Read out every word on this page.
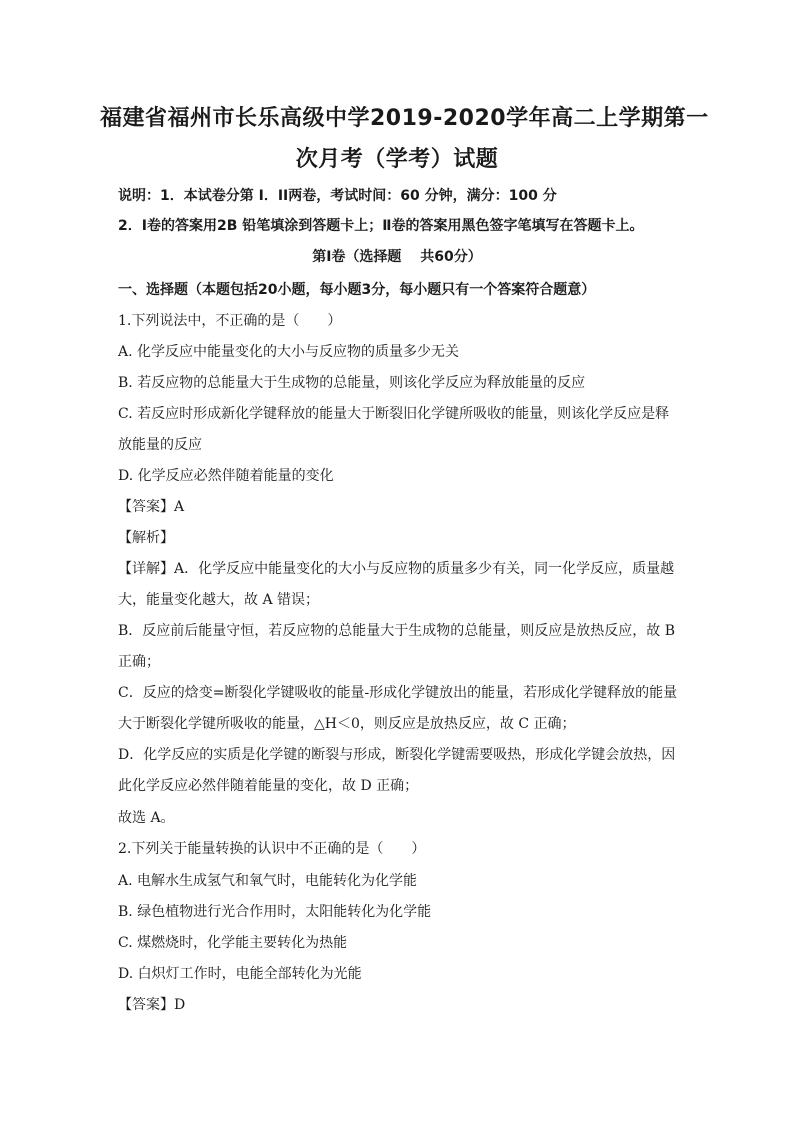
福建省福州市长乐高级中学2019-2020学年高二上学期第一
次月考（学考）试题
说明：1．本试卷分第 I．II两卷，考试时间：60 分钟，满分：100 分
2．Ⅰ卷的答案用2B 铅笔填涂到答题卡上；Ⅱ卷的答案用黑色签字笔填写在答题卡上。
第Ⅰ卷（选择题　 共60分）
一、选择题（本题包括20小题，每小题3分，每小题只有一个答案符合题意）
1.下列说法中，不正确的是（　　）
A. 化学反应中能量变化的大小与反应物的质量多少无关
B. 若反应物的总能量大于生成物的总能量，则该化学反应为释放能量的反应
C. 若反应时形成新化学键释放的能量大于断裂旧化学键所吸收的能量，则该化学反应是释
放能量的反应
D. 化学反应必然伴随着能量的变化
【答案】A
【解析】
【详解】A．化学反应中能量变化的大小与反应物的质量多少有关，同一化学反应，质量越
大，能量变化越大，故 A 错误；
B．反应前后能量守恒，若反应物的总能量大于生成物的总能量，则反应是放热反应，故 B
正确；
C．反应的焓变=断裂化学键吸收的能量-形成化学键放出的能量，若形成化学键释放的能量
大于断裂化学键所吸收的能量，△H＜0，则反应是放热反应，故 C 正确；
D．化学反应的实质是化学键的断裂与形成，断裂化学键需要吸热，形成化学键会放热，因
此化学反应必然伴随着能量的变化，故 D 正确；
故选 A。
2.下列关于能量转换的认识中不正确的是（　　）
A. 电解水生成氢气和氧气时，电能转化为化学能
B. 绿色植物进行光合作用时，太阳能转化为化学能
C. 煤燃烧时，化学能主要转化为热能
D. 白炽灯工作时，电能全部转化为光能
【答案】D
